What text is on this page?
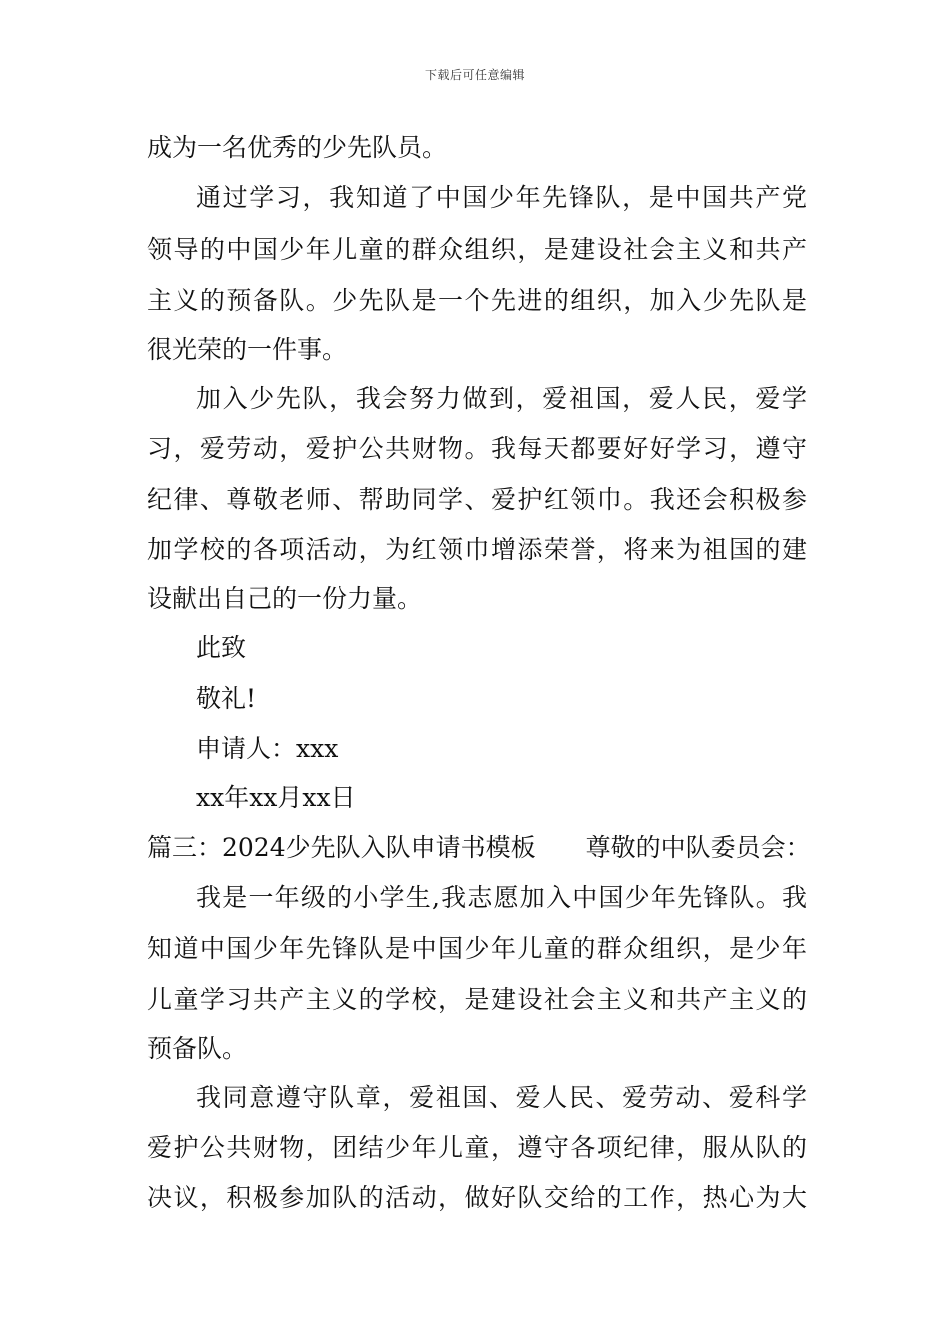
下载后可任意编辑
成为一名优秀的少先队员。
通过学习，我知道了中国少年先锋队，是中国共产党
领导的中国少年儿童的群众组织，是建设社会主义和共产
主义的预备队。少先队是一个先进的组织，加入少先队是
很光荣的一件事。
加入少先队，我会努力做到，爱祖国，爱人民，爱学
习，爱劳动，爱护公共财物。我每天都要好好学习，遵守
纪律、尊敬老师、帮助同学、爱护红领巾。我还会积极参
加学校的各项活动，为红领巾增添荣誉，将来为祖国的建
设献出自己的一份力量。
此致
敬礼!
申请人：xxx
xx年xx月xx日
篇三：2024少先队入队申请书模板　　尊敬的中队委员会：
我是一年级的小学生,我志愿加入中国少年先锋队。我
知道中国少年先锋队是中国少年儿童的群众组织，是少年
儿童学习共产主义的学校，是建设社会主义和共产主义的
预备队。
我同意遵守队章，爱祖国、爱人民、爱劳动、爱科学
爱护公共财物，团结少年儿童，遵守各项纪律，服从队的
决议，积极参加队的活动，做好队交给的工作，热心为大
